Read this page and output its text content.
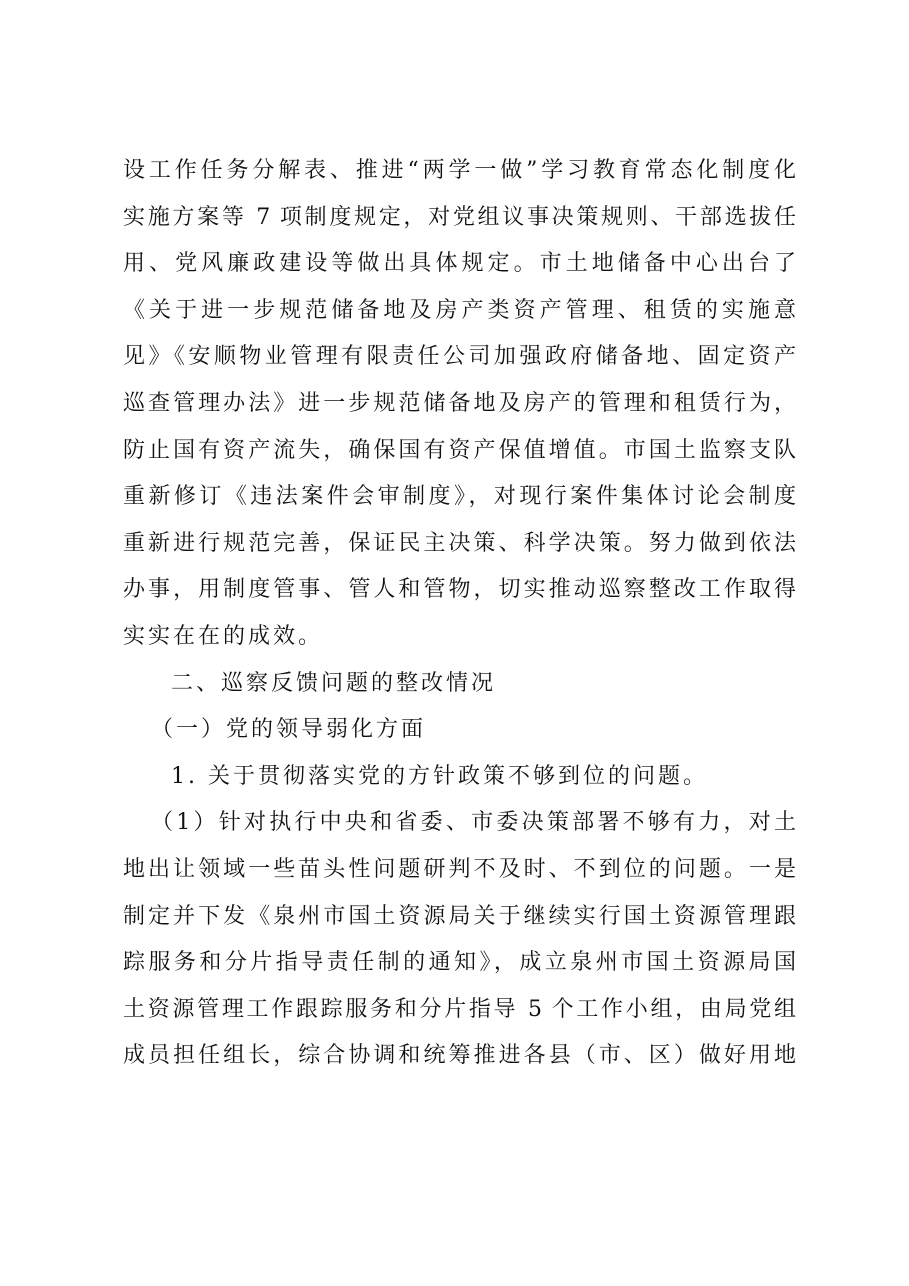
设工作任务分解表、推进“两学一做”学习教育常态化制度化
实施方案等 7 项制度规定，对党组议事决策规则、干部选拔任
用、党风廉政建设等做出具体规定。市土地储备中心出台了
《关于进一步规范储备地及房产类资产管理、租赁的实施意
见》《安顺物业管理有限责任公司加强政府储备地、固定资产
巡查管理办法》进一步规范储备地及房产的管理和租赁行为，
防止国有资产流失，确保国有资产保值增值。市国土监察支队
重新修订《违法案件会审制度》，对现行案件集体讨论会制度
重新进行规范完善，保证民主决策、科学决策。努力做到依法
办事，用制度管事、管人和管物，切实推动巡察整改工作取得
实实在在的成效。
二、巡察反馈问题的整改情况
（一）党的领导弱化方面
1. 关于贯彻落实党的方针政策不够到位的问题。
（1）针对执行中央和省委、市委决策部署不够有力，对土
地出让领域一些苗头性问题研判不及时、不到位的问题。一是
制定并下发《泉州市国土资源局关于继续实行国土资源管理跟
踪服务和分片指导责任制的通知》，成立泉州市国土资源局国
土资源管理工作跟踪服务和分片指导 5 个工作小组，由局党组
成员担任组长，综合协调和统筹推进各县（市、区）做好用地
